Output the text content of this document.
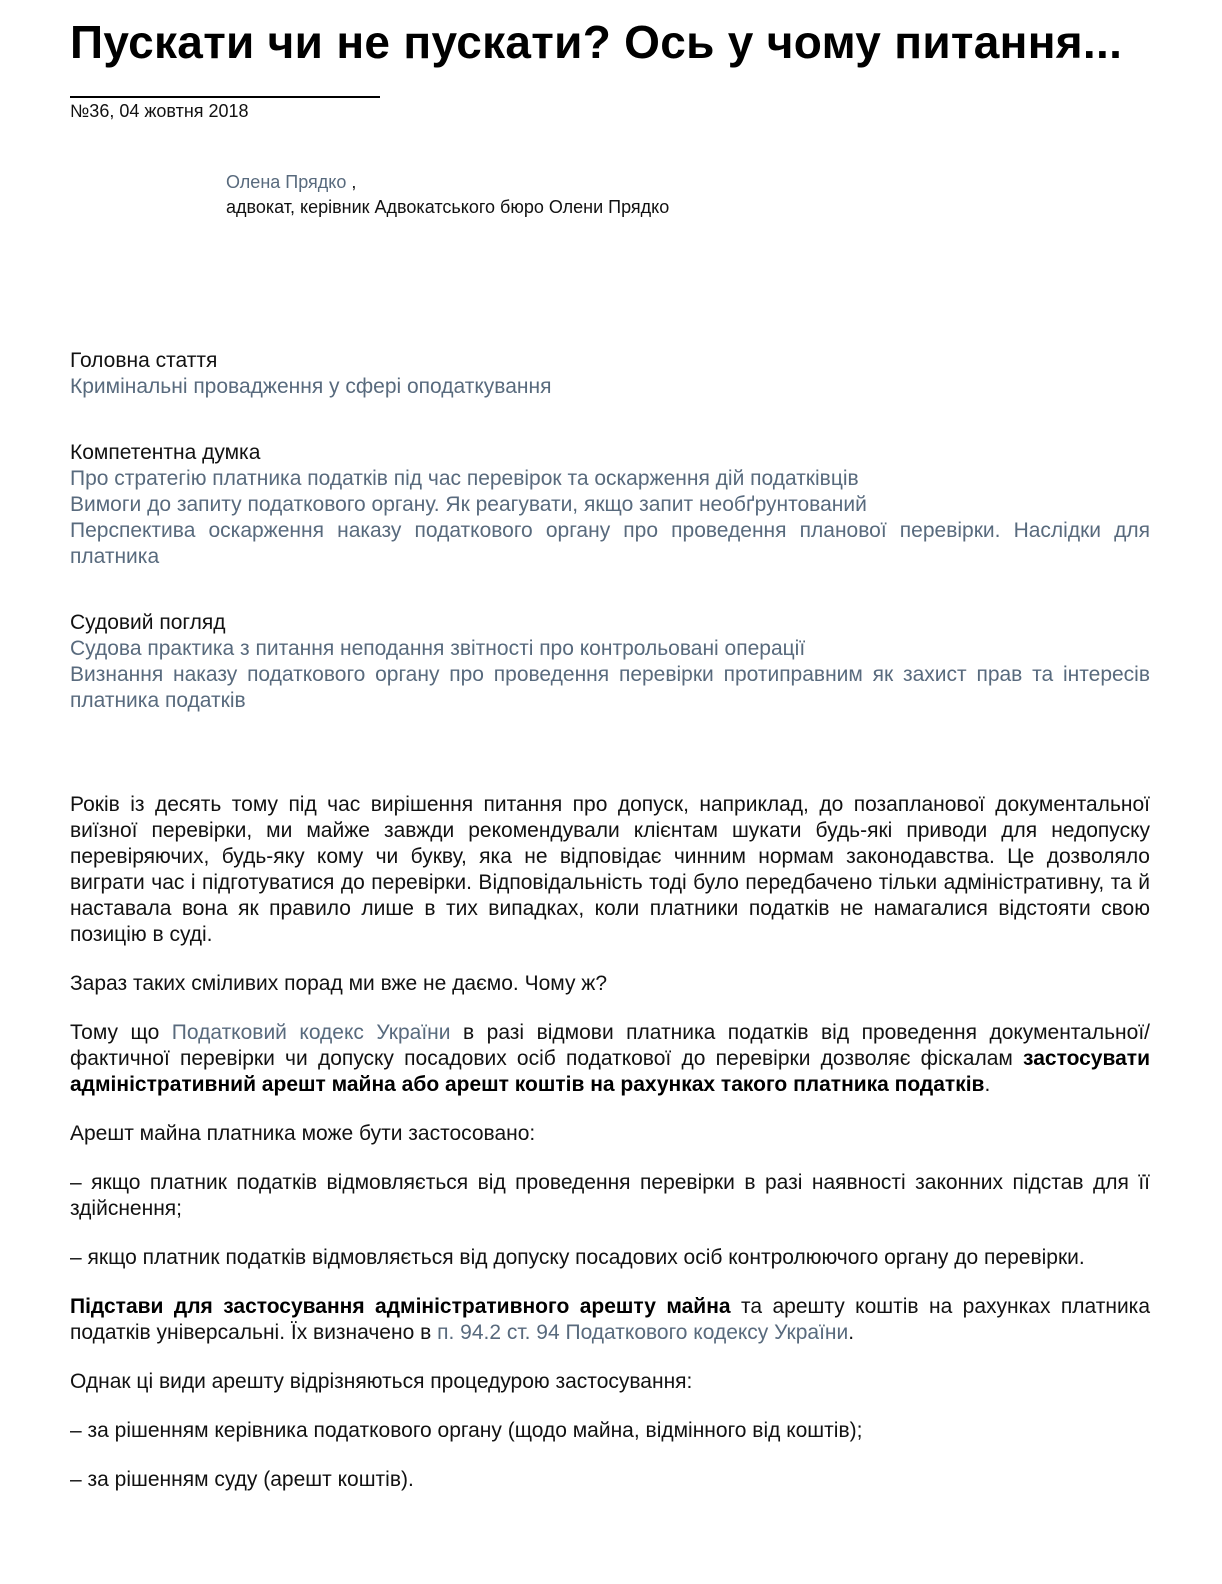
Пускати чи не пускати? Ось у чому питання...
№36, 04 жовтня 2018
Олена Прядко ,
адвокат, керівник Адвокатського бюро Олени Прядко
Головна стаття
Кримінальні провадження у сфері оподаткування
Компетентна думка
Про стратегію платника податків під час перевірок та оскарження дій податківців
Вимоги до запиту податкового органу. Як реагувати, якщо запит необґрунтований
Перспектива оскарження наказу податкового органу про проведення планової перевірки. Наслідки для платника
Судовий погляд
Судова практика з питання неподання звітності про контрольовані операції
Визнання наказу податкового органу про проведення перевірки протиправним як захист прав та інтересів платника податків

Років із десять тому під час вирішення питання про допуск, наприклад, до позапланової документальної виїзної перевірки, ми майже завжди рекомендували клієнтам шукати будь-які приводи для недопуску перевіряючих, будь-яку кому чи букву, яка не відповідає чинним нормам законодавства. Це дозволяло виграти час і підготуватися до перевірки. Відповідальність тоді було передбачено тільки адміністративну, та й наставала вона як правило лише в тих випадках, коли платники податків не намагалися відстояти свою позицію в суді.

Зараз таких сміливих порад ми вже не даємо. Чому ж?

Тому що Податковий кодекс України в разі відмови платника податків від проведення документальної/фактичної перевірки чи допуску посадових осіб податкової до перевірки дозволяє фіскалам застосувати адміністративний арешт майна або арешт коштів на рахунках такого платника податків.

Арешт майна платника може бути застосовано:

– якщо платник податків відмовляється від проведення перевірки в разі наявності законних підстав для її здійснення;

– якщо платник податків відмовляється від допуску посадових осіб контролюючого органу до перевірки.

Підстави для застосування адміністративного арешту майна та арешту коштів на рахунках платника податків універсальні. Їх визначено в п. 94.2 ст. 94 Податкового кодексу України.

Однак ці види арешту відрізняються процедурою застосування:

– за рішенням керівника податкового органу (щодо майна, відмінного від коштів);

– за рішенням суду (арешт коштів).
